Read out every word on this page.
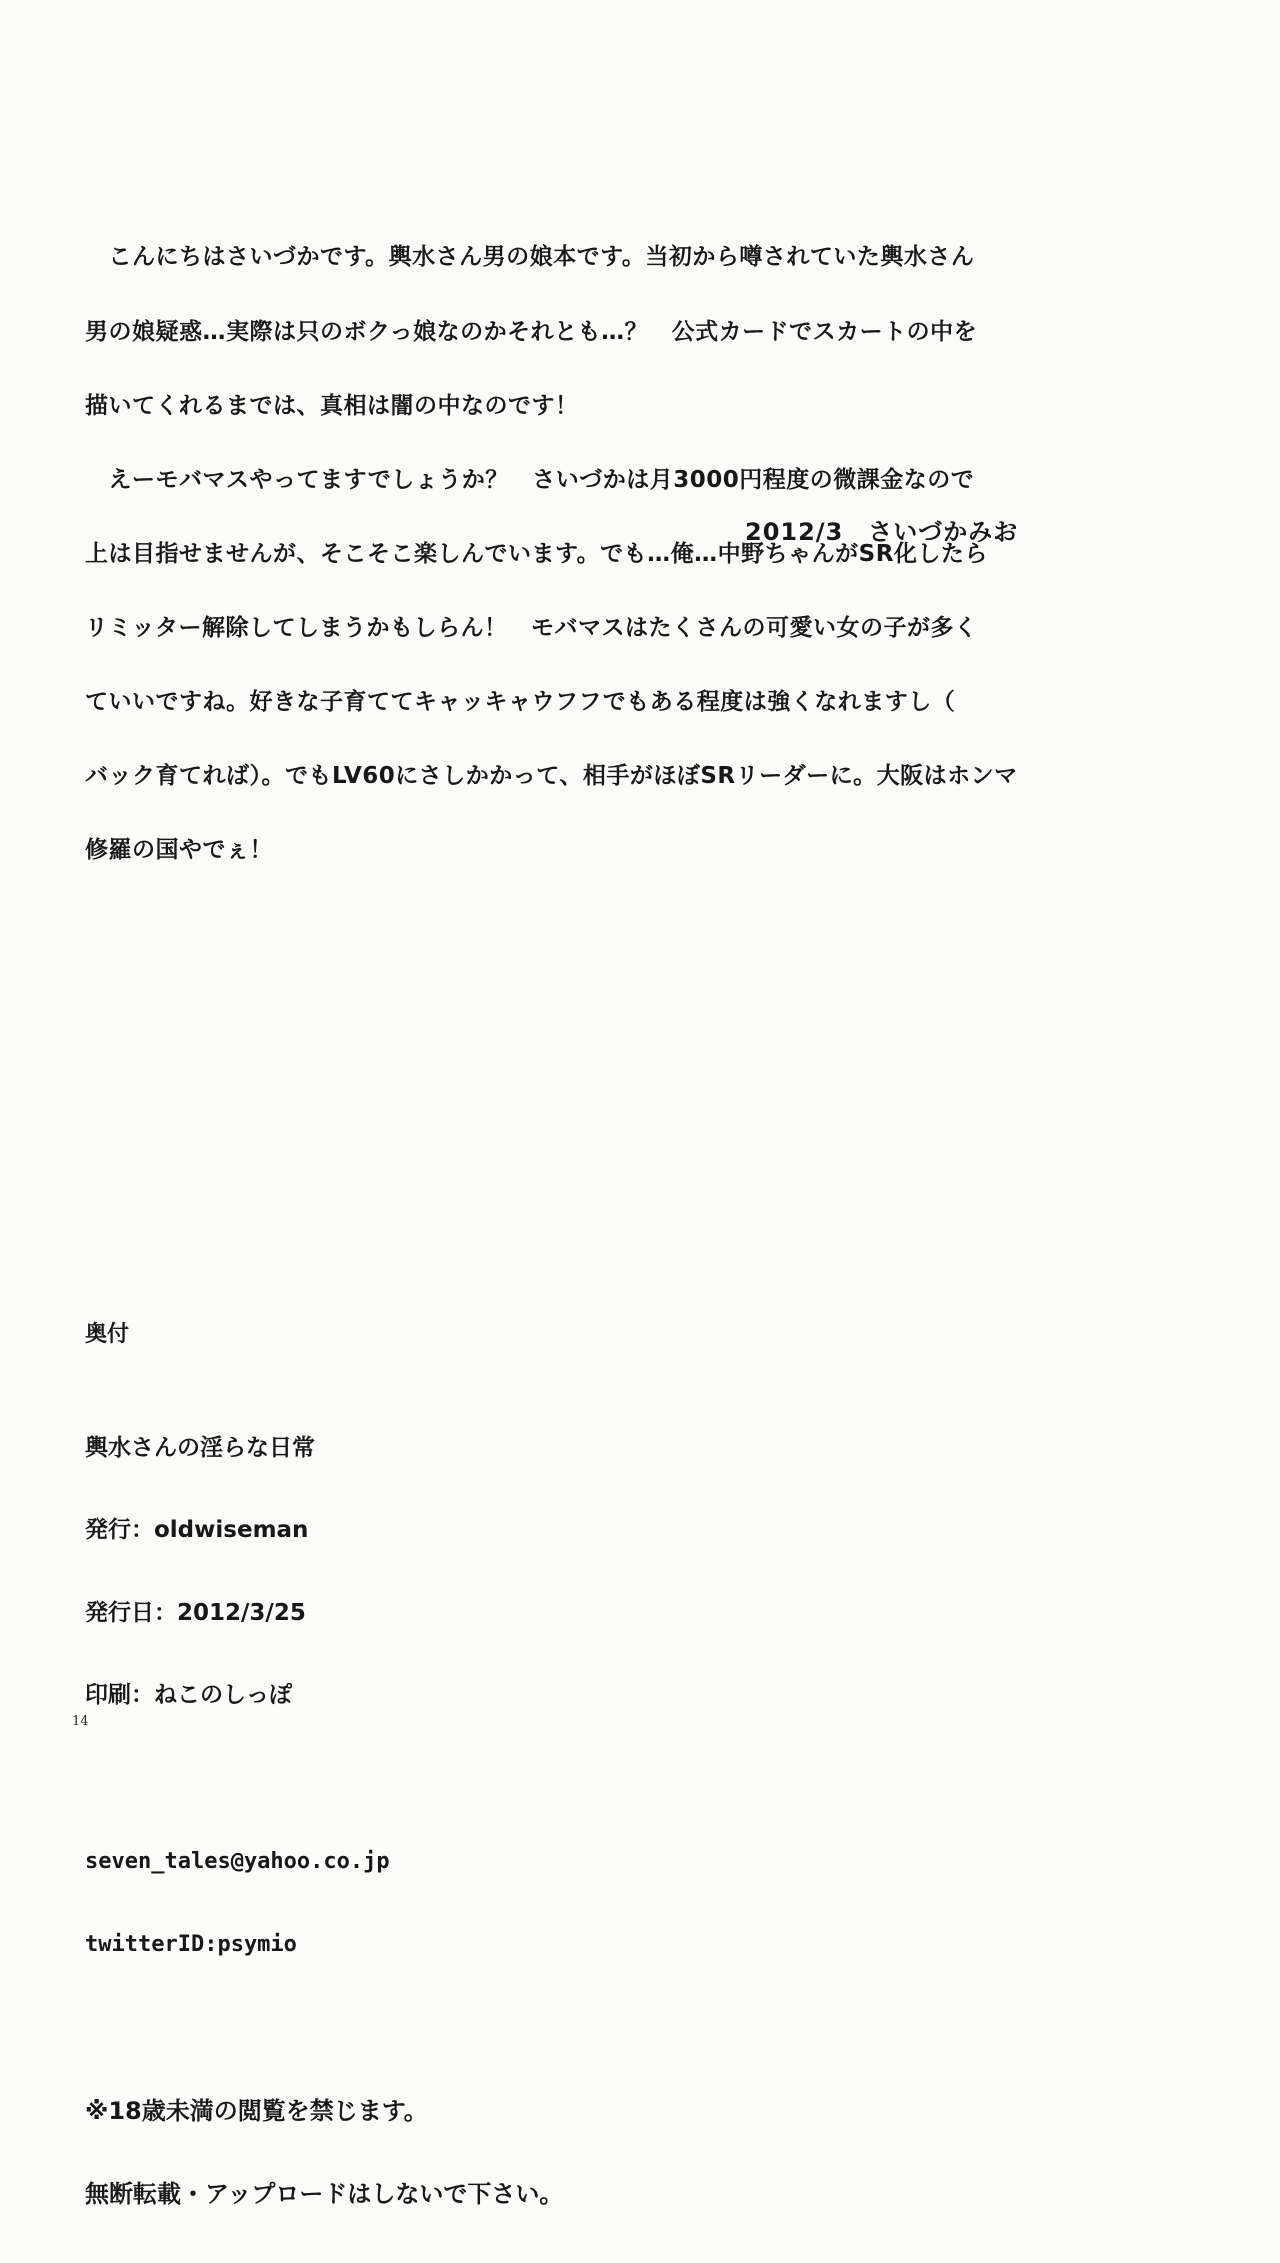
　こんにちはさいづかです。輿水さん男の娘本です。当初から噂されていた輿水さん

男の娘疑惑…実際は只のボクっ娘なのかそれとも…？　公式カードでスカートの中を

描いてくれるまでは、真相は闇の中なのです！

　えーモバマスやってますでしょうか？　さいづかは月3000円程度の微課金なので

上は目指せませんが、そこそこ楽しんでいます。でも…俺…中野ちゃんがSR化したら

リミッター解除してしまうかもしらん！　モバマスはたくさんの可愛い女の子が多く

ていいですね。好きな子育ててキャッキャウフフでもある程度は強くなれますし（

バック育てれば）。でもLV60にさしかかって、相手がほぼSRリーダーに。大阪はホンマ

修羅の国やでぇ！

2012/3　さいづかみお

奥付

輿水さんの淫らな日常

発行：oldwiseman

発行日：2012/3/25

印刷：ねこのしっぽ

seven_tales@yahoo.co.jp

twitterID:psymio

※18歳未満の閲覧を禁じます。

無断転載・アップロードはしないで下さい。

14
